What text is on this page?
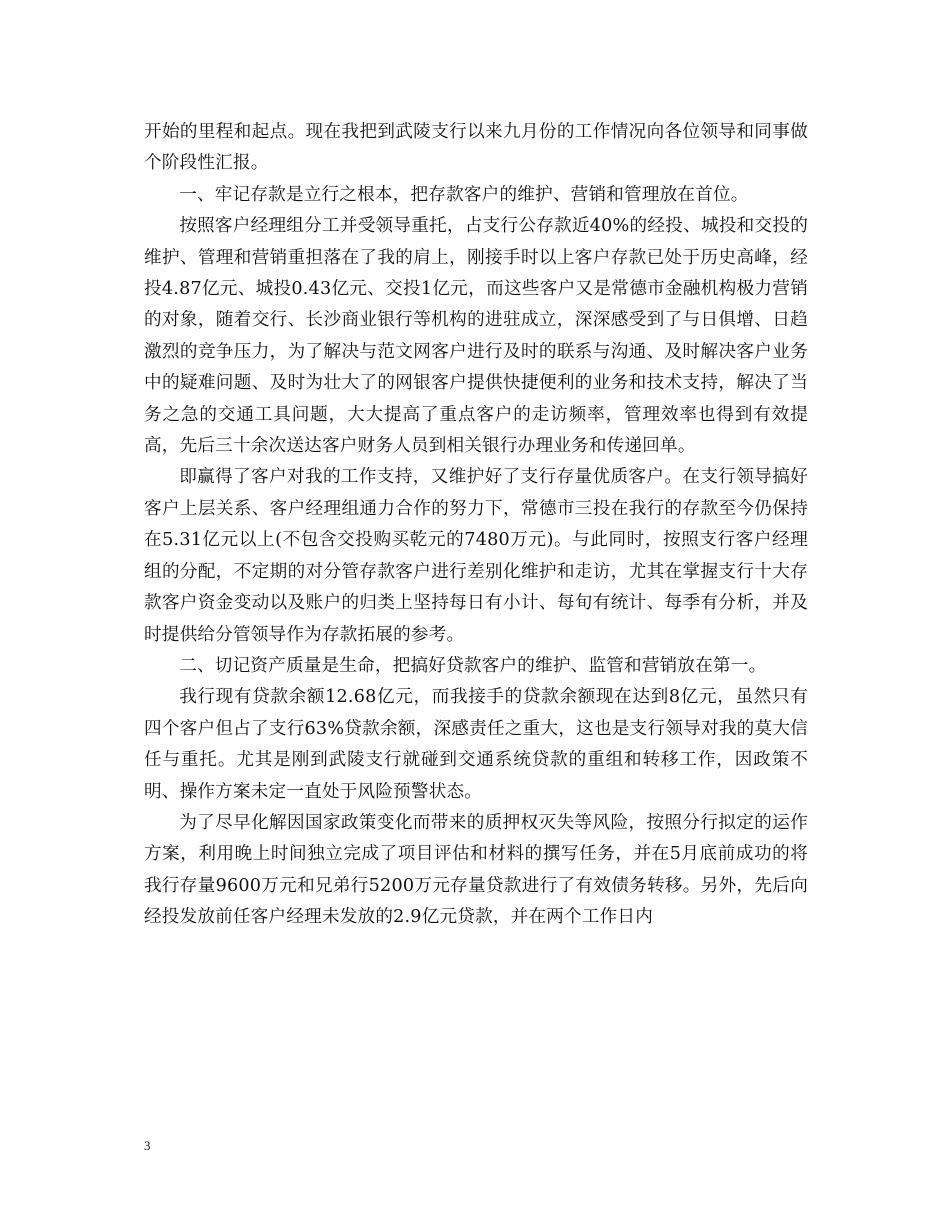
开始的里程和起点。现在我把到武陵支行以来九月份的工作情况向各位领导和同事做个阶段性汇报。

一、牢记存款是立行之根本，把存款客户的维护、营销和管理放在首位。

按照客户经理组分工并受领导重托，占支行公存款近40%的经投、城投和交投的维护、管理和营销重担落在了我的肩上，刚接手时以上客户存款已处于历史高峰，经投4.87亿元、城投0.43亿元、交投1亿元，而这些客户又是常德市金融机构极力营销的对象，随着交行、长沙商业银行等机构的进驻成立，深深感受到了与日俱增、日趋激烈的竞争压力，为了解决与范文网客户进行及时的联系与沟通、及时解决客户业务中的疑难问题、及时为壮大了的网银客户提供快捷便利的业务和技术支持，解决了当务之急的交通工具问题，大大提高了重点客户的走访频率，管理效率也得到有效提高，先后三十余次送达客户财务人员到相关银行办理业务和传递回单。

即赢得了客户对我的工作支持，又维护好了支行存量优质客户。在支行领导搞好客户上层关系、客户经理组通力合作的努力下，常德市三投在我行的存款至今仍保持在5.31亿元以上(不包含交投购买乾元的7480万元)。与此同时，按照支行客户经理组的分配，不定期的对分管存款客户进行差别化维护和走访，尤其在掌握支行十大存款客户资金变动以及账户的归类上坚持每日有小计、每旬有统计、每季有分析，并及时提供给分管领导作为存款拓展的参考。

二、切记资产质量是生命，把搞好贷款客户的维护、监管和营销放在第一。

我行现有贷款余额12.68亿元，而我接手的贷款余额现在达到8亿元，虽然只有四个客户但占了支行63%贷款余额，深感责任之重大，这也是支行领导对我的莫大信任与重托。尤其是刚到武陵支行就碰到交通系统贷款的重组和转移工作，因政策不明、操作方案未定一直处于风险预警状态。

为了尽早化解因国家政策变化而带来的质押权灭失等风险，按照分行拟定的运作方案，利用晚上时间独立完成了项目评估和材料的撰写任务，并在5月底前成功的将我行存量9600万元和兄弟行5200万元存量贷款进行了有效债务转移。另外，先后向经投发放前任客户经理未发放的2.9亿元贷款，并在两个工作日内

3
